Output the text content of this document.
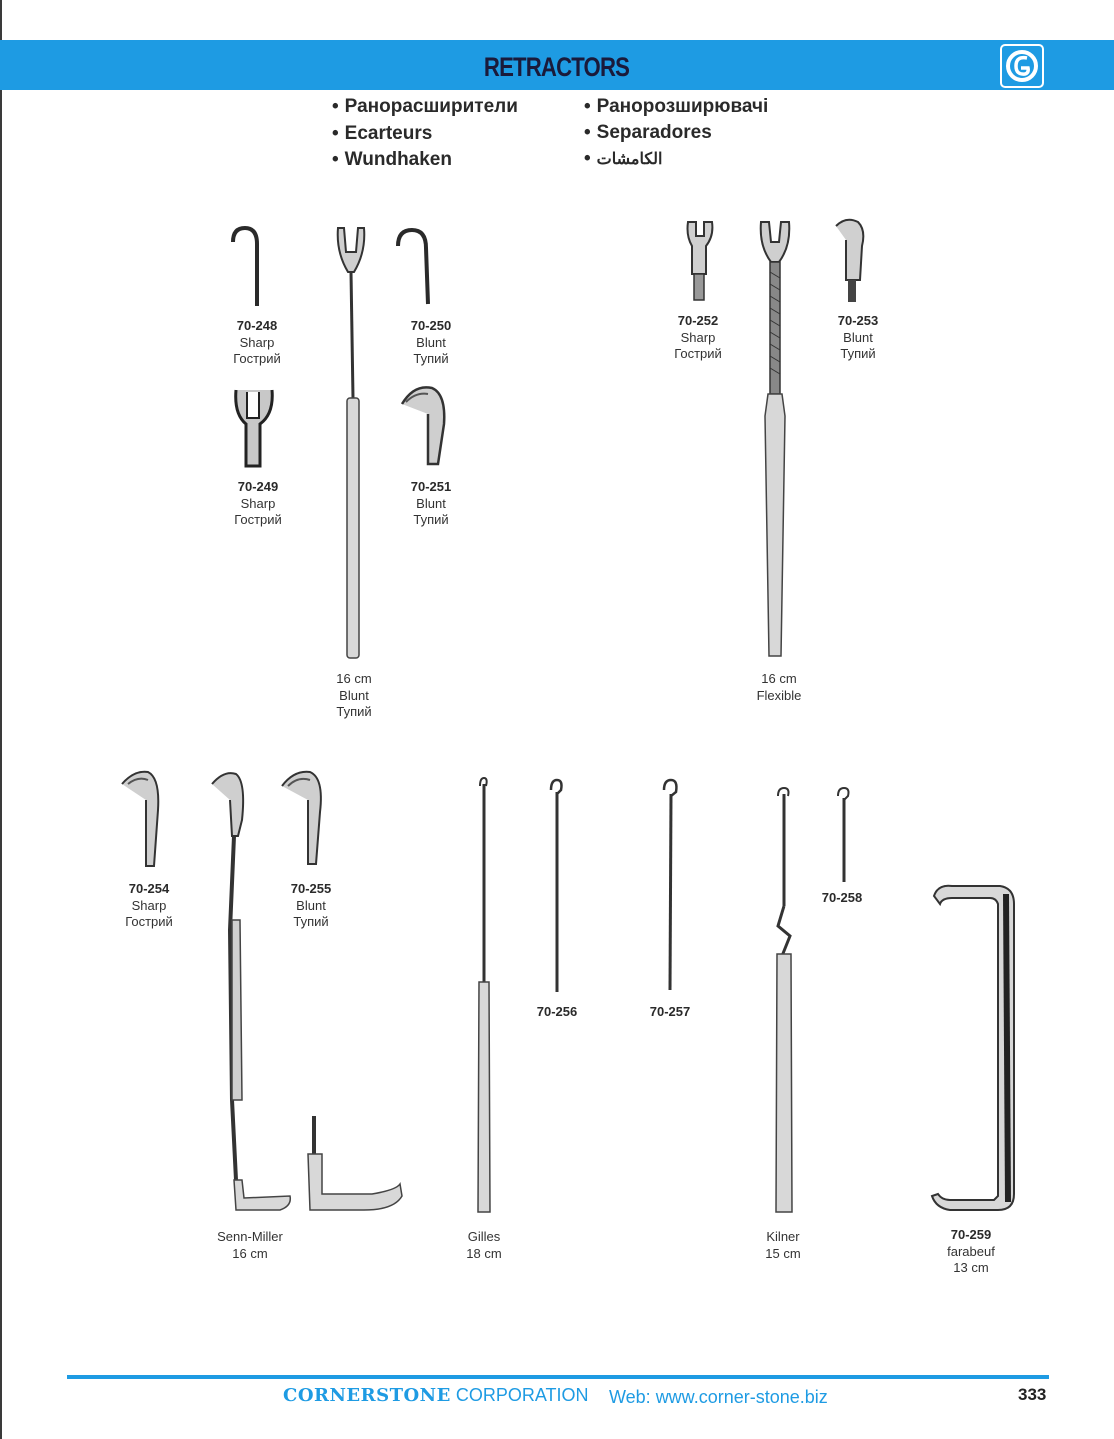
RETRACTORS
• Ранорасширители
• Ecarteurs
• Wundhaken
• Ранорозширювачі
• Separadores
• الكامشات
70-248
Sharp
Гострий
70-250
Blunt
Тупий
70-249
Sharp
Гострий
70-251
Blunt
Тупий
16 cm
Blunt
Тупий
70-252
Sharp
Гострий
70-253
Blunt
Тупий
16 cm
Flexible
70-254
Sharp
Гострий
70-255
Blunt
Тупий
Senn-Miller
16 cm
Gilles
18 cm
70-256	70-257
70-258
Kilner
15 cm
70-259
farabeuf
13 cm
CORNERSTONE CORPORATION Web: www.corner-stone.biz	333
